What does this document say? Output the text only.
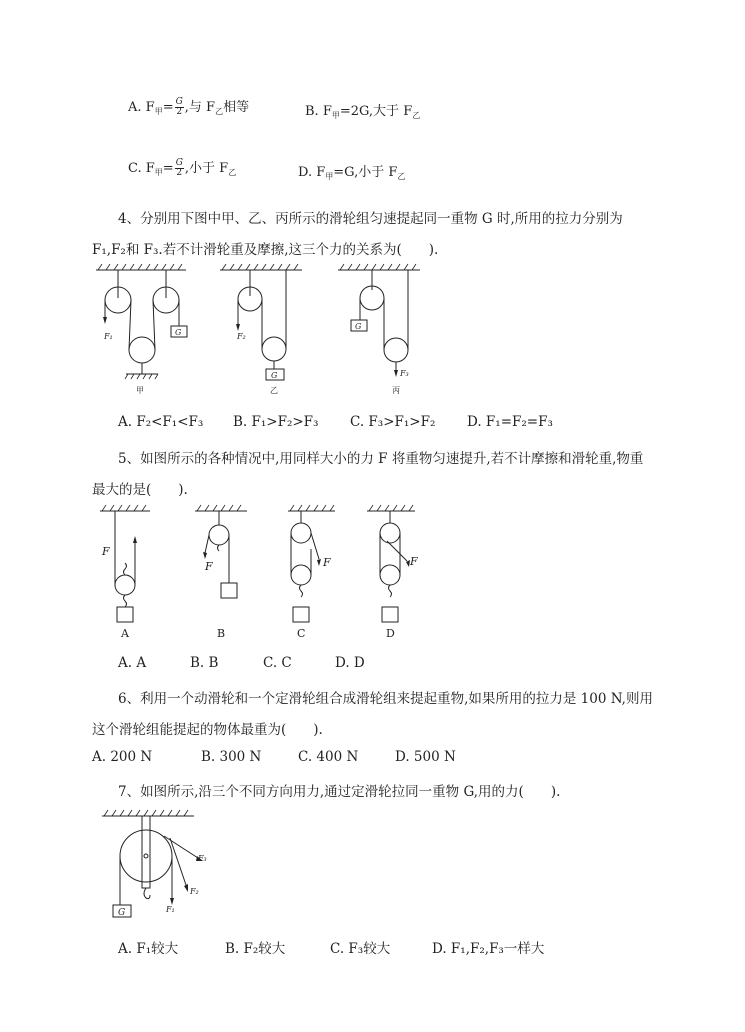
A. $F_甲= \frac{G}{2}$ ,与 $F_乙$相等	B. $F_甲=2G$,大于 $F_乙$
C. $F_甲= \frac{G}{2}$ ,小于 $F_乙$	D. $F_甲=G$,小于 $F_乙$
4、分别用下图中甲、乙、丙所示的滑轮组匀速提起同一重物 G 时,所用的拉力分别为
F₁,F₂和 F₃.若不计滑轮重及摩擦,这三个力的关系为(　　).
F₁	G	F₂
G
G
F₃
甲	乙	丙
A. F₂<F₁<F₃ B. F₁>F₂>F₃ C. F₃>F₁>F₂ D. F₁=F₂=F₃
5、如图所示的各种情况中,用同样大小的力 F 将重物匀速提升,若不计摩擦和滑轮重,物重
最大的是(　　).
F
F	F	F
A	B	C	D
A. A	B. B	C. C	D. D
6、利用一个动滑轮和一个定滑轮组合成滑轮组来提起重物,如果所用的拉力是 100 N,则用
这个滑轮组能提起的物体最重为(　　).
A. 200 N	B. 300 N	C. 400 N	D. 500 N
7、如图所示,沿三个不同方向用力,通过定滑轮拉同一重物 G,用的力(　　).
G	F₁
F₂
F₃
A. F₁较大	B. F₂较大	C. F₃较大	D. F₁,F₂,F₃一样大
